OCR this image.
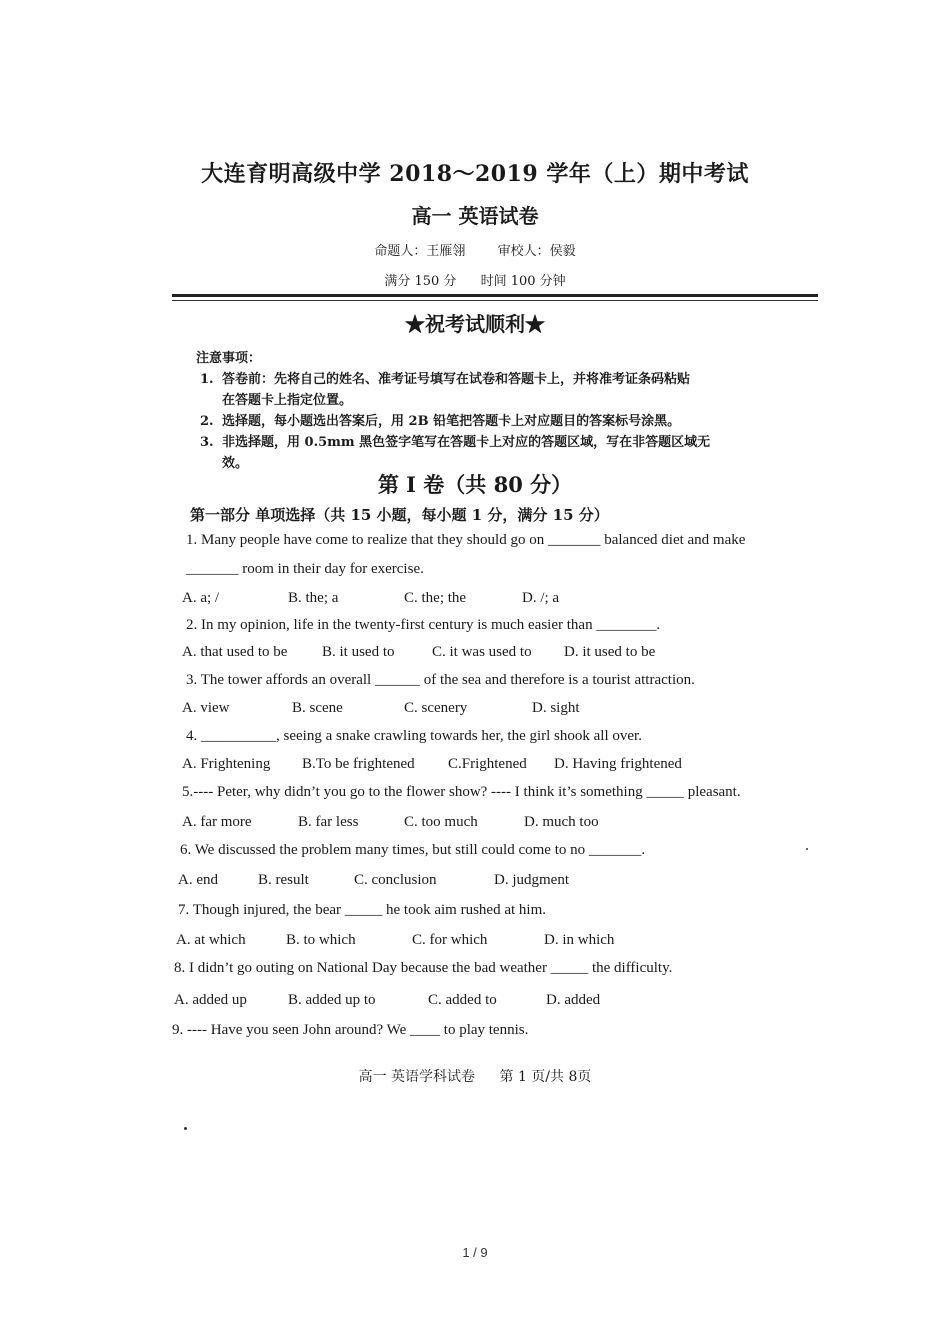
大连育明高级中学 2018～2019 学年（上）期中考试
高一 英语试卷
命题人：王雁翎 审校人：侯毅
满分 150 分 时间 100 分钟
★祝考试顺利★
注意事项：
1. 答卷前：先将自己的姓名、准考证号填写在试卷和答题卡上，并将准考证条码粘贴
在答题卡上指定位置。
2. 选择题，每小题选出答案后，用 2B 铅笔把答题卡上对应题目的答案标号涂黑。
3. 非选择题，用 0.5mm 黑色签字笔写在答题卡上对应的答题区域，写在非答题区域无
效。
第 I 卷（共 80 分）
第一部分 单项选择（共 15 小题，每小题 1 分，满分 15 分）
1. Many people have come to realize that they should go on _______ balanced diet and make
_______ room in their day for exercise.
A. a; /	B. the; a	C. the; the	D. /; a
2. In my opinion, life in the twenty-first century is much easier than ________.
A. that used to be B. it used to C. it was used to D. it used to be
3. The tower affords an overall ______ of the sea and therefore is a tourist attraction.
A. view	B. scene	C. scenery	D. sight
4. __________, seeing a snake crawling towards her, the girl shook all over.
A. Frightening B.To be frightened C.Frightened D. Having frightened
5.---- Peter, why didn’t you go to the flower show? ---- I think it’s something _____ pleasant.
A. far more	B. far less	C. too much	D. much too
6. We discussed the problem many times, but still could come to no _______.
A. end	B. result	C. conclusion	D. judgment
7. Though injured, the bear _____ he took aim rushed at him.
A. at which	B. to which	C. for which	D. in which
8. I didn’t go outing on National Day because the bad weather _____ the difficulty.
A. added up	B. added up to	C. added to	D. added
9. ---- Have you seen John around? We ____ to play tennis.
高一 英语学科试卷 第 1 页/共 8页
1 / 9
